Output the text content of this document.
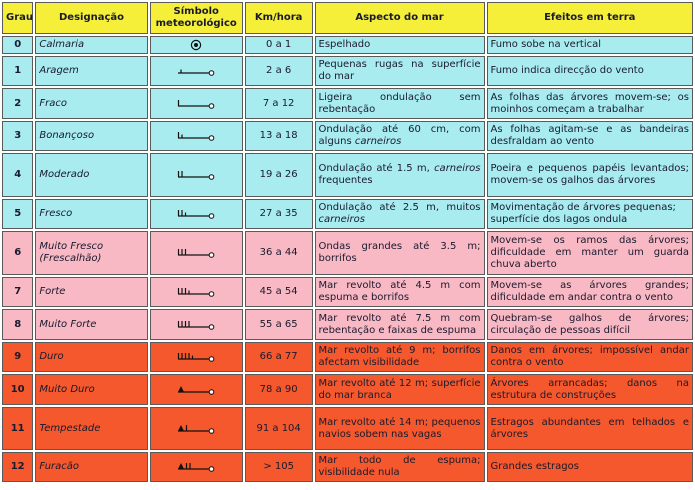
Grau	Designação	Símbolo meteorológico	Km/hora	Aspecto do mar	Efeitos em terra
0	Calmaria		0 a 1	Espelhado	Fumo sobe na vertical
1	Aragem		2 a 6	Pequenas rugas na superfície do mar	Fumo indica direcção do vento
2	Fraco		7 a 12	Ligeira ondulação sem rebentação	As folhas das árvores movem-se; os moinhos começam a trabalhar
3	Bonançoso		13 a 18	Ondulação até 60 cm, com alguns carneiros	As folhas agitam-se e as bandeiras desfraldam ao vento
4	Moderado		19 a 26	Ondulação até 1.5 m, carneiros frequentes	Poeira e pequenos papéis levantados; movem-se os galhos das árvores
5	Fresco		27 a 35	Ondulação até 2.5 m, muitos carneiros	Movimentação de árvores pequenas; superfície dos lagos ondula
6	Muito Fresco (Frescalhão)		36 a 44	Ondas grandes até 3.5 m; borrifos	Movem-se os ramos das árvores; dificuldade em manter um guarda chuva aberto
7	Forte		45 a 54	Mar revolto até 4.5 m com espuma e borrifos	Movem-se as árvores grandes; dificuldade em andar contra o vento
8	Muito Forte		55 a 65	Mar revolto até 7.5 m com rebentação e faixas de espuma	Quebram-se galhos de árvores; circulação de pessoas difícil
9	Duro		66 a 77	Mar revolto até 9 m; borrifos afectam visibilidade	Danos em árvores; impossível andar contra o vento
10	Muito Duro		78 a 90	Mar revolto até 12 m; superfície do mar branca	Árvores arrancadas; danos na estrutura de construções
11	Tempestade		91 a 104	Mar revolto até 14 m; pequenos navios sobem nas vagas	Estragos abundantes em telhados e árvores
12	Furacão		> 105	Mar todo de espuma; visibilidade nula	Grandes estragos
